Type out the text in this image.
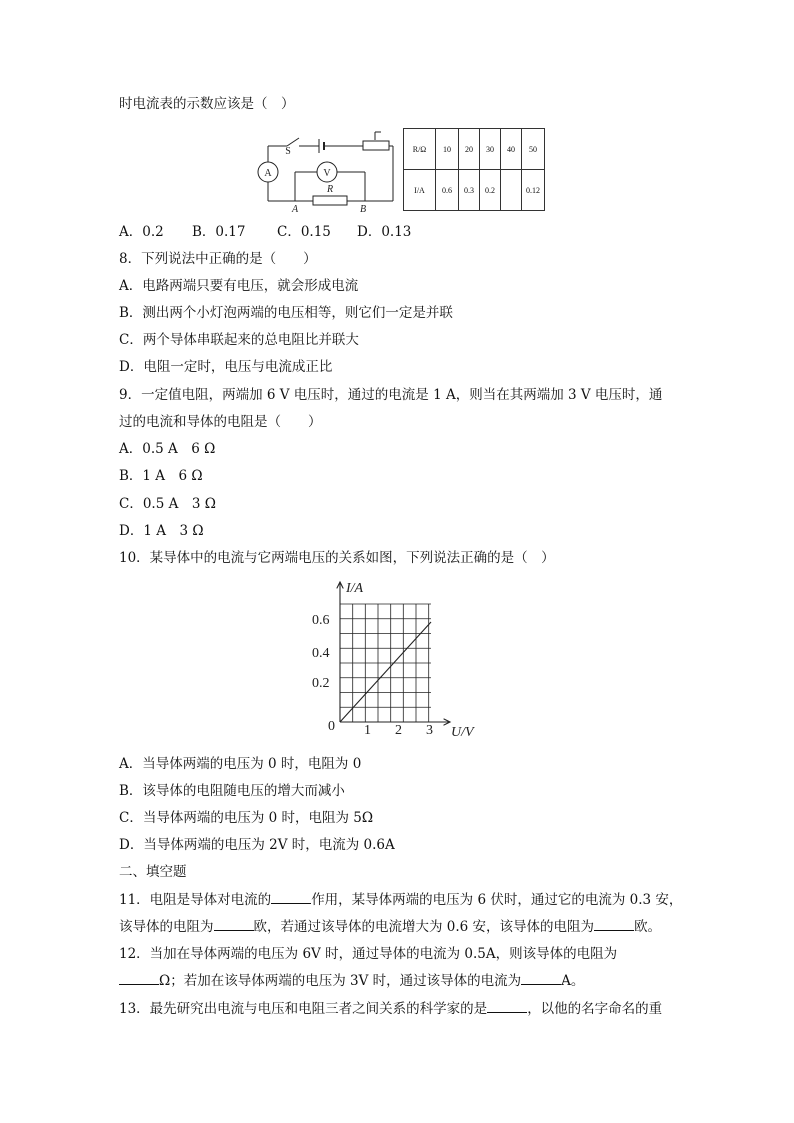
时电流表的示数应该是（　）
S
A	V
R
A	B
R/Ω	10	20	30	40	50
I/A	0.6	0.3	0.2		0.12
A．0.2 B．0.17 C．0.15 D．0.13
8．下列说法中正确的是（　　）
A．电路两端只要有电压，就会形成电流
B．测出两个小灯泡两端的电压相等，则它们一定是并联
C．两个导体串联起来的总电阻比并联大
D．电阻一定时，电压与电流成正比
9．一定值电阻，两端加 6 V 电压时，通过的电流是 1 A，则当在其两端加 3 V 电压时，通
过的电流和导体的电阻是（　　）
A．0.5 A　6 Ω
B．1 A　6 Ω
C．0.5 A　3 Ω
D．1 A　3 Ω
10．某导体中的电流与它两端电压的关系如图，下列说法正确的是（　）
I/A
U/V
0
0.6
0.4
0.2
1 2 3
A．当导体两端的电压为 0 时，电阻为 0
B．该导体的电阻随电压的增大而减小
C．当导体两端的电压为 0 时，电阻为 5Ω
D．当导体两端的电压为 2V 时，电流为 0.6A
二、填空题
11．电阻是导体对电流的	作用，某导体两端的电压为 6 伏时，通过它的电流为 0.3 安，
该导体的电阻为	欧，若通过该导体的电流增大为 0.6 安，该导体的电阻为	欧。
12．当加在导体两端的电压为 6V 时，通过导体的电流为 0.5A，则该导体的电阻为
Ω；若加在该导体两端的电压为 3V 时，通过该导体的电流为	A。
13．最先研究出电流与电压和电阻三者之间关系的科学家的是	，以他的名字命名的重
